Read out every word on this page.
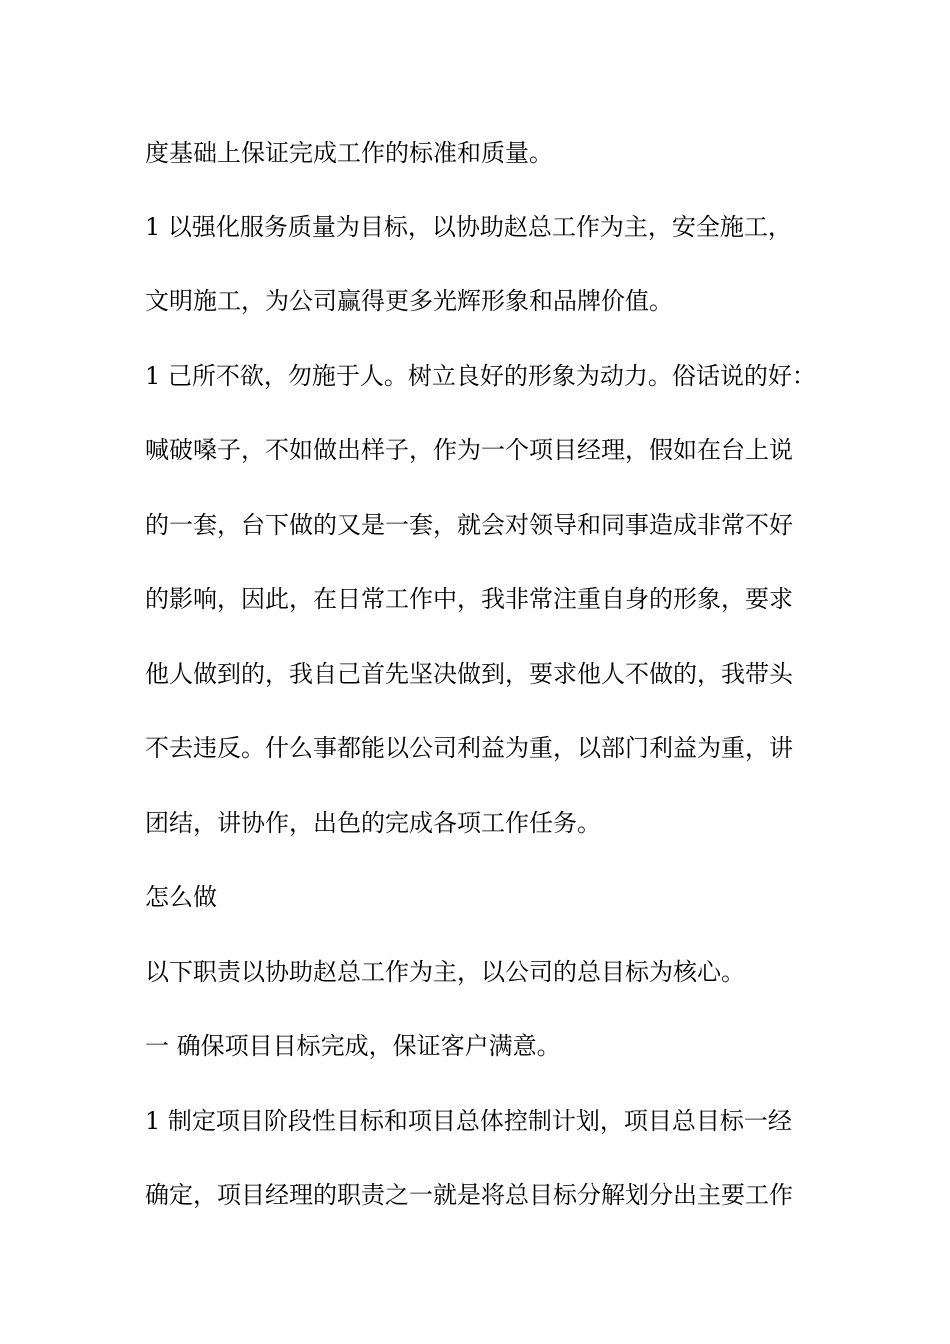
度基础上保证完成工作的标准和质量。

1 以强化服务质量为目标，以协助赵总工作为主，安全施工，

文明施工，为公司赢得更多光辉形象和品牌价值。

1 己所不欲，勿施于人。树立良好的形象为动力。俗话说的好：

喊破嗓子，不如做出样子，作为一个项目经理，假如在台上说

的一套，台下做的又是一套，就会对领导和同事造成非常不好

的影响，因此，在日常工作中，我非常注重自身的形象，要求

他人做到的，我自己首先坚决做到，要求他人不做的，我带头

不去违反。什么事都能以公司利益为重，以部门利益为重，讲

团结，讲协作，出色的完成各项工作任务。

怎么做

以下职责以协助赵总工作为主，以公司的总目标为核心。

一 确保项目目标完成，保证客户满意。

1 制定项目阶段性目标和项目总体控制计划，项目总目标一经

确定，项目经理的职责之一就是将总目标分解划分出主要工作
